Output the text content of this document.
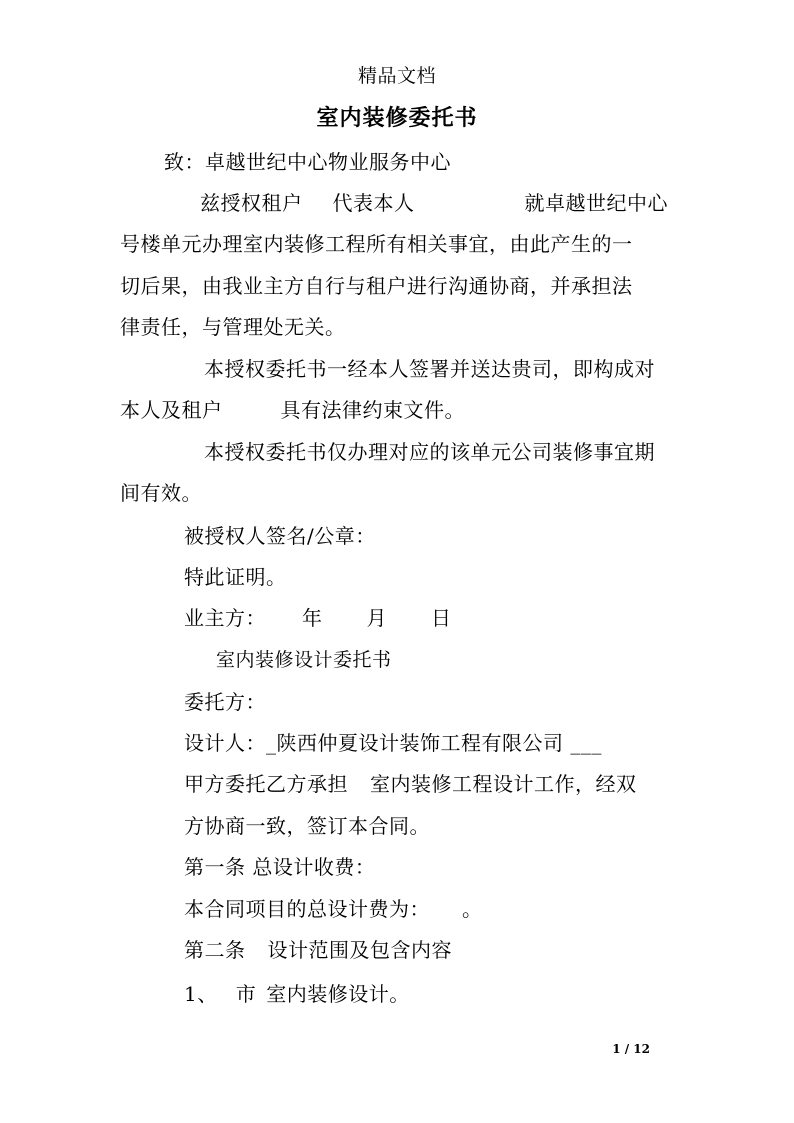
精品文档
室内装修委托书
致：卓越世纪中心物业服务中心
兹授权租户 代表本人	就卓越世纪中心
号楼单元办理室内装修工程所有相关事宜，由此产生的一
切后果，由我业主方自行与租户进行沟通协商，并承担法
律责任，与管理处无关。
本授权委托书一经本人签署并送达贵司，即构成对
本人及租户	具有法律约束文件。
本授权委托书仅办理对应的该单元公司装修事宜期
间有效。
被授权人签名/公章：
特此证明。
业主方： 年 月 日
室内装修设计委托书
委托方：
设计人：_陕西仲夏设计装饰工程有限公司 ___
甲方委托乙方承担 室内装修工程设计工作，经双
方协商一致，签订本合同。
第一条 总设计收费：
本合同项目的总设计费为： 。
第二条 设计范围及包含内容
1、 市 室内装修设计。
1 / 12
